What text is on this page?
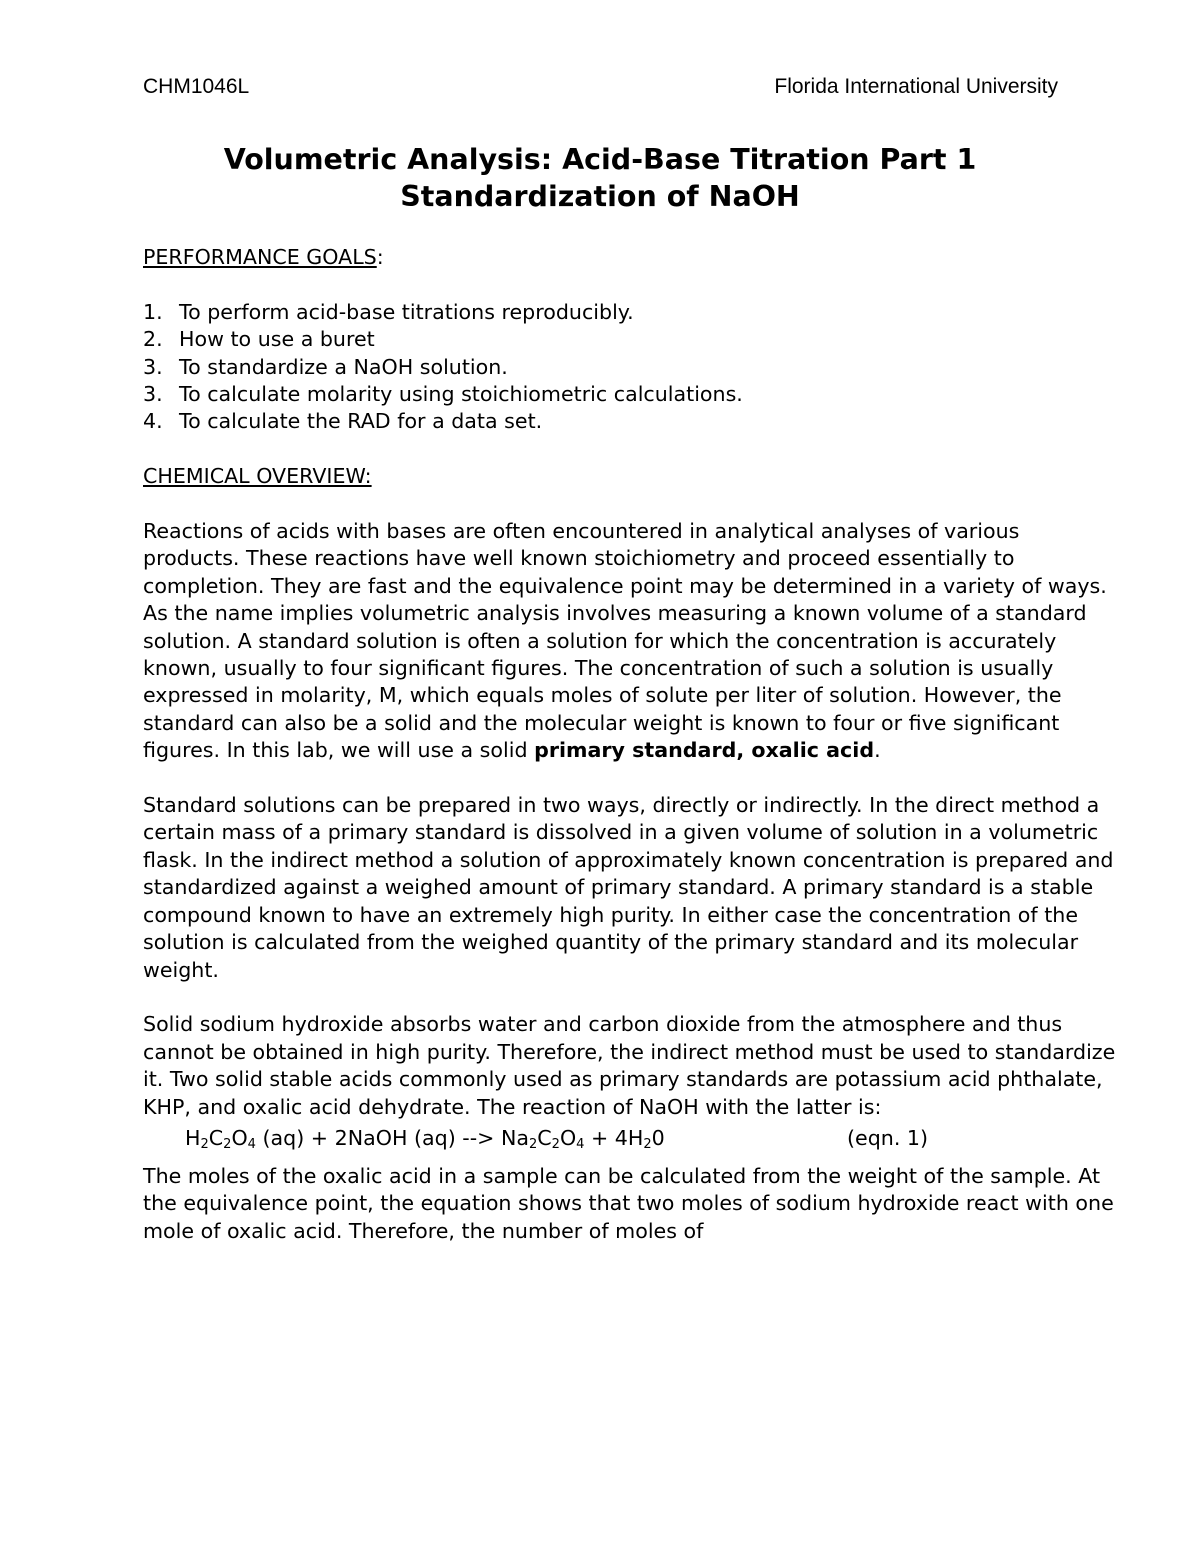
CHM1046L	Florida International University
Volumetric Analysis: Acid-Base Titration Part 1
Standardization of NaOH

PERFORMANCE GOALS:

1. To perform acid-base titrations reproducibly.
2. How to use a buret
3. To standardize a NaOH solution.
3. To calculate molarity using stoichiometric calculations.
4. To calculate the RAD for a data set.

CHEMICAL OVERVIEW:

Reactions of acids with bases are often encountered in analytical analyses of various products. These reactions have well known stoichiometry and proceed essentially to completion. They are fast and the equivalence point may be determined in a variety of ways. As the name implies volumetric analysis involves measuring a known volume of a standard solution. A standard solution is often a solution for which the concentration is accurately known, usually to four significant figures. The concentration of such a solution is usually expressed in molarity, M, which equals moles of solute per liter of solution. However, the standard can also be a solid and the molecular weight is known to four or five significant figures. In this lab, we will use a solid primary standard, oxalic acid.

Standard solutions can be prepared in two ways, directly or indirectly. In the direct method a certain mass of a primary standard is dissolved in a given volume of solution in a volumetric flask. In the indirect method a solution of approximately known concentration is prepared and standardized against a weighed amount of primary standard. A primary standard is a stable compound known to have an extremely high purity. In either case the concentration of the solution is calculated from the weighed quantity of the primary standard and its molecular weight.

Solid sodium hydroxide absorbs water and carbon dioxide from the atmosphere and thus cannot be obtained in high purity. Therefore, the indirect method must be used to standardize it. Two solid stable acids commonly used as primary standards are potassium acid phthalate, KHP, and oxalic acid dehydrate. The reaction of NaOH with the latter is:

$H_2C_2O_4$ (aq) + 2NaOH (aq) --> $Na_2C_2O_4 + 4H_20$	(eqn. 1)

The moles of the oxalic acid in a sample can be calculated from the weight of the sample. At the equivalence point, the equation shows that two moles of sodium hydroxide react with one mole of oxalic acid. Therefore, the number of moles of
